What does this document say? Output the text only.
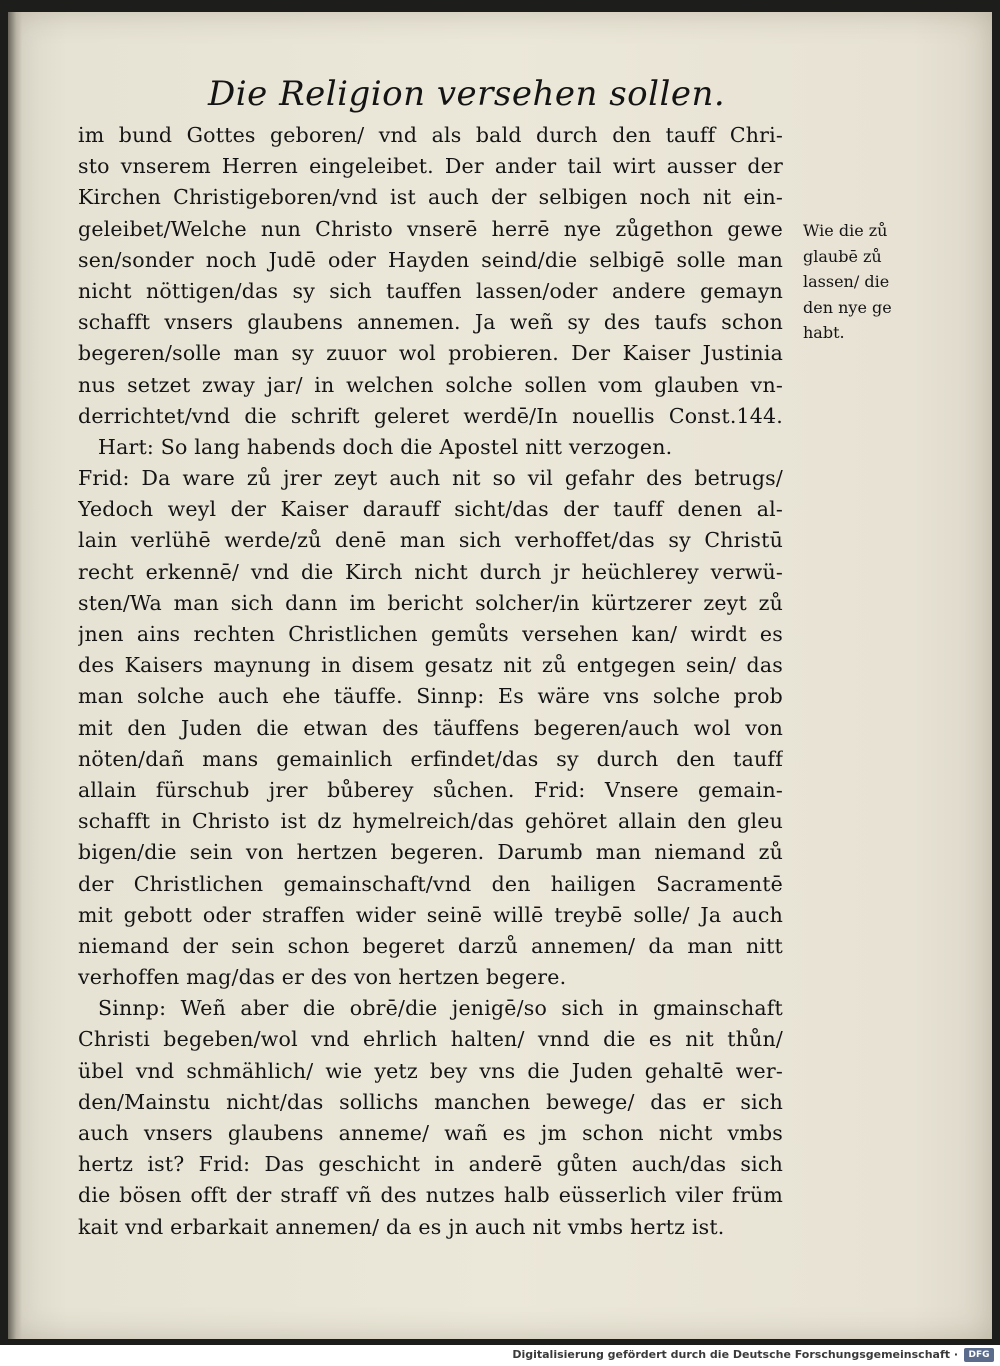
Die Religion versehen sollen.
im bund Gottes geboren/ vnd als bald durch den tauff Chri-
sto vnserem Herren eingeleibet. Der ander tail wirt ausser der
Kirchen Christigeboren/vnd ist auch der selbigen noch nit ein-
geleibet/Welche nun Christo vnserē herrē nye zůgethon gewe
sen/sonder noch Judē oder Hayden seind/die selbigē solle man
nicht nöttigen/das sy sich tauffen lassen/oder andere gemayn
schafft vnsers glaubens annemen. Ja weñ sy des taufs schon
begeren/solle man sy zuuor wol probieren. Der Kaiser Justinia
nus setzet zway jar/ in welchen solche sollen vom glauben vn-
derrichtet/vnd die schrift geleret werdē/In nouellis Const.144.
Hart: So lang habends doch die Apostel nitt verzogen.
Frid: Da ware zů jrer zeyt auch nit so vil gefahr des betrugs/
Yedoch weyl der Kaiser darauff sicht/das der tauff denen al-
lain verlühē werde/zů denē man sich verhoffet/das sy Christū
recht erkennē/ vnd die Kirch nicht durch jr heüchlerey verwü-
sten/Wa man sich dann im bericht solcher/in kürtzerer zeyt zů
jnen ains rechten Christlichen gemůts versehen kan/ wirdt es
des Kaisers maynung in disem gesatz nit zů entgegen sein/ das
man solche auch ehe täuffe. Sinnp: Es wäre vns solche prob
mit den Juden die etwan des täuffens begeren/auch wol von
nöten/dañ mans gemainlich erfindet/das sy durch den tauff
allain fürschub jrer bůberey sůchen. Frid: Vnsere gemain-
schafft in Christo ist dz hymelreich/das gehöret allain den gleu
bigen/die sein von hertzen begeren. Darumb man niemand zů
der Christlichen gemainschaft/vnd den hailigen Sacramentē
mit gebott oder straffen wider seinē willē treybē solle/ Ja auch
niemand der sein schon begeret darzů annemen/ da man nitt
verhoffen mag/das er des von hertzen begere.
Sinnp: Weñ aber die obrē/die jenigē/so sich in gmainschaft
Christi begeben/wol vnd ehrlich halten/ vnnd die es nit thůn/
übel vnd schmählich/ wie yetz bey vns die Juden gehaltē wer-
den/Mainstu nicht/das sollichs manchen bewege/ das er sich
auch vnsers glaubens anneme/ wañ es jm schon nicht vmbs
hertz ist? Frid: Das geschicht in anderē gůten auch/das sich
die bösen offt der straff vñ des nutzes halb eüsserlich viler früm
kait vnd erbarkait annemen/ da es jn auch nit vmbs hertz ist.
Wie die zů
glaubē zů
lassen/ die
den nye ge
habt.
Digitalisierung gefördert durch die Deutsche Forschungsgemeinschaft ·	DFG
